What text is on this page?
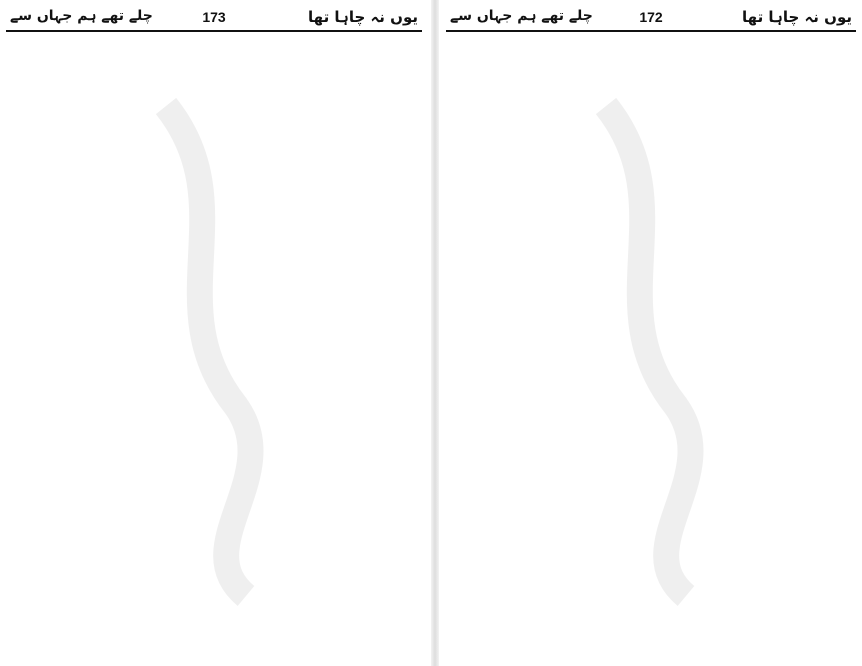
یوں نہ چاہا تھا
173
چلے تھے ہم جہاں سے	یوں نہ چاہا تھا
172
چلے تھے ہم جہاں سے
